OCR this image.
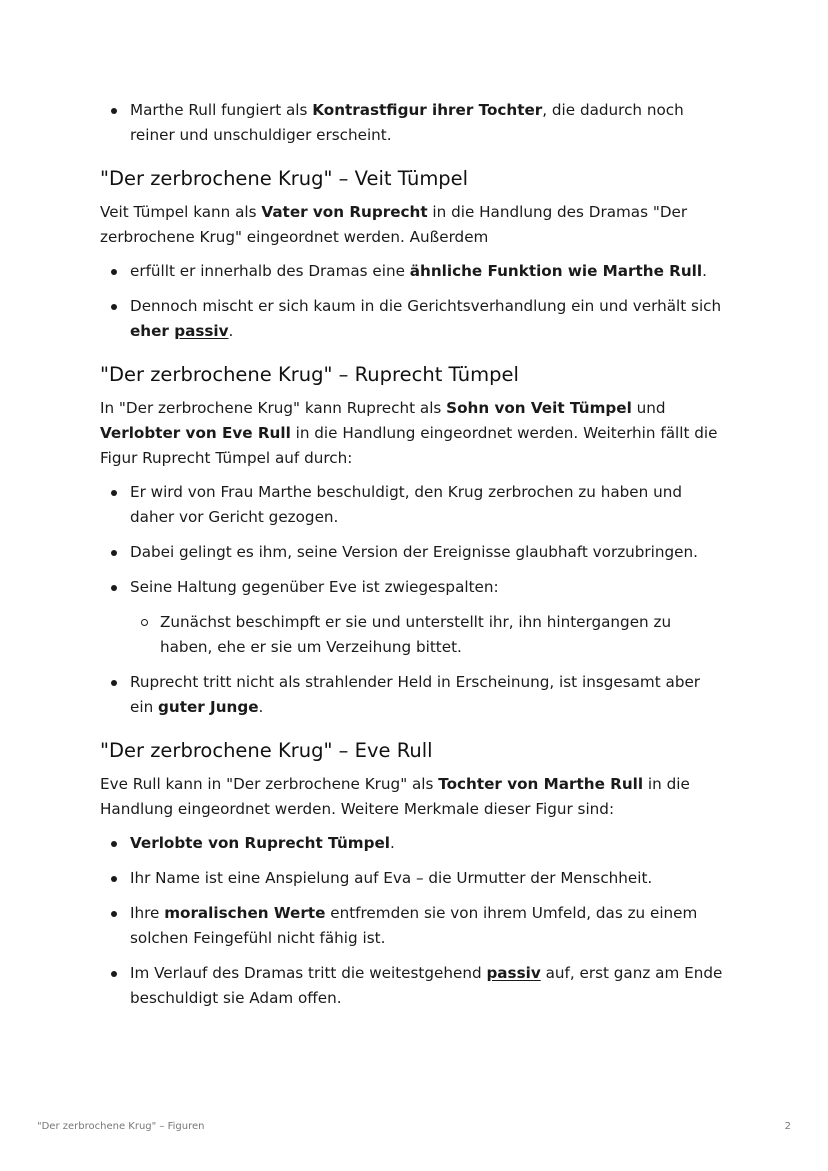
Marthe Rull fungiert als Kontrastfigur ihrer Tochter, die dadurch noch reiner und unschuldiger erscheint.
"Der zerbrochene Krug" – Veit Tümpel

Veit Tümpel kann als Vater von Ruprecht in die Handlung des Dramas "Der zerbrochene Krug" eingeordnet werden. Außerdem

erfüllt er innerhalb des Dramas eine ähnliche Funktion wie Marthe Rull.
Dennoch mischt er sich kaum in die Gerichtsverhandlung ein und verhält sich eher passiv.
"Der zerbrochene Krug" – Ruprecht Tümpel

In "Der zerbrochene Krug" kann Ruprecht als Sohn von Veit Tümpel und Verlobter von Eve Rull in die Handlung eingeordnet werden. Weiterhin fällt die Figur Ruprecht Tümpel auf durch:

Er wird von Frau Marthe beschuldigt, den Krug zerbrochen zu haben und daher vor Gericht gezogen.
Dabei gelingt es ihm, seine Version der Ereignisse glaubhaft vorzubringen.
Seine Haltung gegenüber Eve ist zwiegespalten:
Zunächst beschimpft er sie und unterstellt ihr, ihn hintergangen zu haben, ehe er sie um Verzeihung bittet.
Ruprecht tritt nicht als strahlender Held in Erscheinung, ist insgesamt aber ein guter Junge.
"Der zerbrochene Krug" – Eve Rull

Eve Rull kann in "Der zerbrochene Krug" als Tochter von Marthe Rull in die Handlung eingeordnet werden. Weitere Merkmale dieser Figur sind:

Verlobte von Ruprecht Tümpel.
Ihr Name ist eine Anspielung auf Eva – die Urmutter der Menschheit.
Ihre moralischen Werte entfremden sie von ihrem Umfeld, das zu einem solchen Feingefühl nicht fähig ist.
Im Verlauf des Dramas tritt die weitestgehend passiv auf, erst ganz am Ende beschuldigt sie Adam offen.
"Der zerbrochene Krug" – Figuren	2
